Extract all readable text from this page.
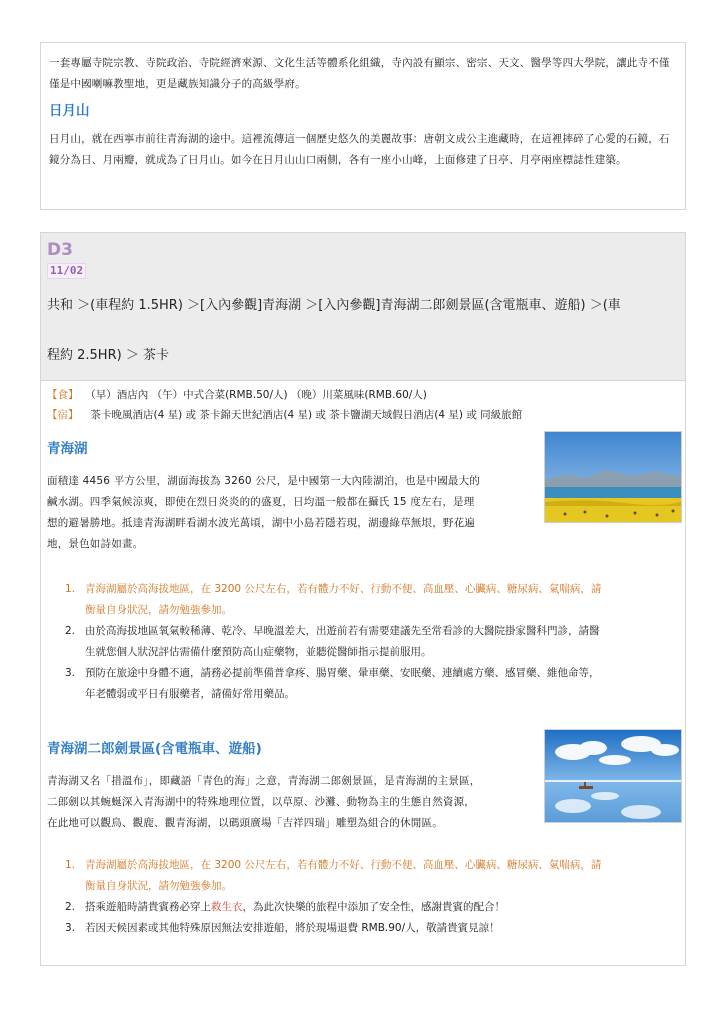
一套專屬寺院宗教、寺院政治、寺院經濟來源、文化生活等體系化組織，寺內設有顯宗、密宗、天文、醫學等四大學院，讓此寺不僅僅是中國喇嘛教聖地，更是藏族知識分子的高級學府。
日月山
日月山，就在西寧市前往青海湖的途中。這裡流傳這一個歷史悠久的美麗故事：唐朝文成公主進藏時，在這裡摔碎了心愛的石鏡，石鏡分為日、月兩瓣，就成為了日月山。如今在日月山山口兩側，各有一座小山峰，上面修建了日亭、月亭兩座標誌性建築。
D3
11/02
共和 ＞(車程約 1.5HR) ＞[入內參觀]青海湖 ＞[入內參觀]青海湖二郎劍景區(含電瓶車、遊船) ＞(車
程約 2.5HR) ＞ 茶卡
【食】 （早）酒店內 （午）中式合菜(RMB.50/人) （晚）川菜風味(RMB.60/人)
【宿】 茶卡晚風酒店(4 星) 或 茶卡錦天世紀酒店(4 星) 或 茶卡鹽湖天域假日酒店(4 星) 或 同級旅館
青海湖
面積達 4456 平方公里，湖面海拔為 3260 公尺，是中國第一大內陸湖泊，也是中國最大的
鹹水湖。四季氣候涼爽，即使在烈日炎炎的的盛夏，日均溫一般都在攝氏 15 度左右，是理
想的避暑勝地。抵達青海湖畔看湖水波光萬頃，湖中小島若隱若現，湖邊綠草無垠，野花遍
地，景色如詩如畫。
1. 青海湖屬於高海拔地區，在 3200 公尺左右，若有體力不好、行動不便、高血壓、心臟病、糖尿病、氣喘病，請
衡量自身狀況，請勿勉強參加。
2. 由於高海拔地區氧氣較稀薄、乾冷、早晚溫差大，出遊前若有需要建議先至常看診的大醫院掛家醫科門診，請醫
生就您個人狀況評估需備什麼預防高山症藥物，並聽從醫師指示提前服用。
3. 預防在旅途中身體不適，請務必提前準備普拿疼、腸胃藥、暈車藥、安眠藥、連續處方藥、感冒藥、維他命等，
年老體弱或平日有服藥者，請備好常用藥品。
青海湖二郎劍景區(含電瓶車、遊船)
青海湖又名「措溫布」，即藏語「青色的海」之意，青海湖二郎劍景區，是青海湖的主景區，
二郎劍以其蜿蜒深入青海湖中的特殊地理位置，以草原、沙灘、動物為主的生態自然資源，
在此地可以觀鳥、觀鹿、觀青海湖，以碼頭廣場「吉祥四瑞」雕塑為組合的休閒區。
1. 青海湖屬於高海拔地區，在 3200 公尺左右，若有體力不好、行動不便、高血壓、心臟病、糖尿病、氣喘病，請
衡量自身狀況，請勿勉強參加。
2. 搭乘遊船時請貴賓務必穿上救生衣，為此次快樂的旅程中添加了安全性，感謝貴賓的配合！
3. 若因天候因素或其他特殊原因無法安排遊船，將於現場退費 RMB.90/人，敬請貴賓見諒！
